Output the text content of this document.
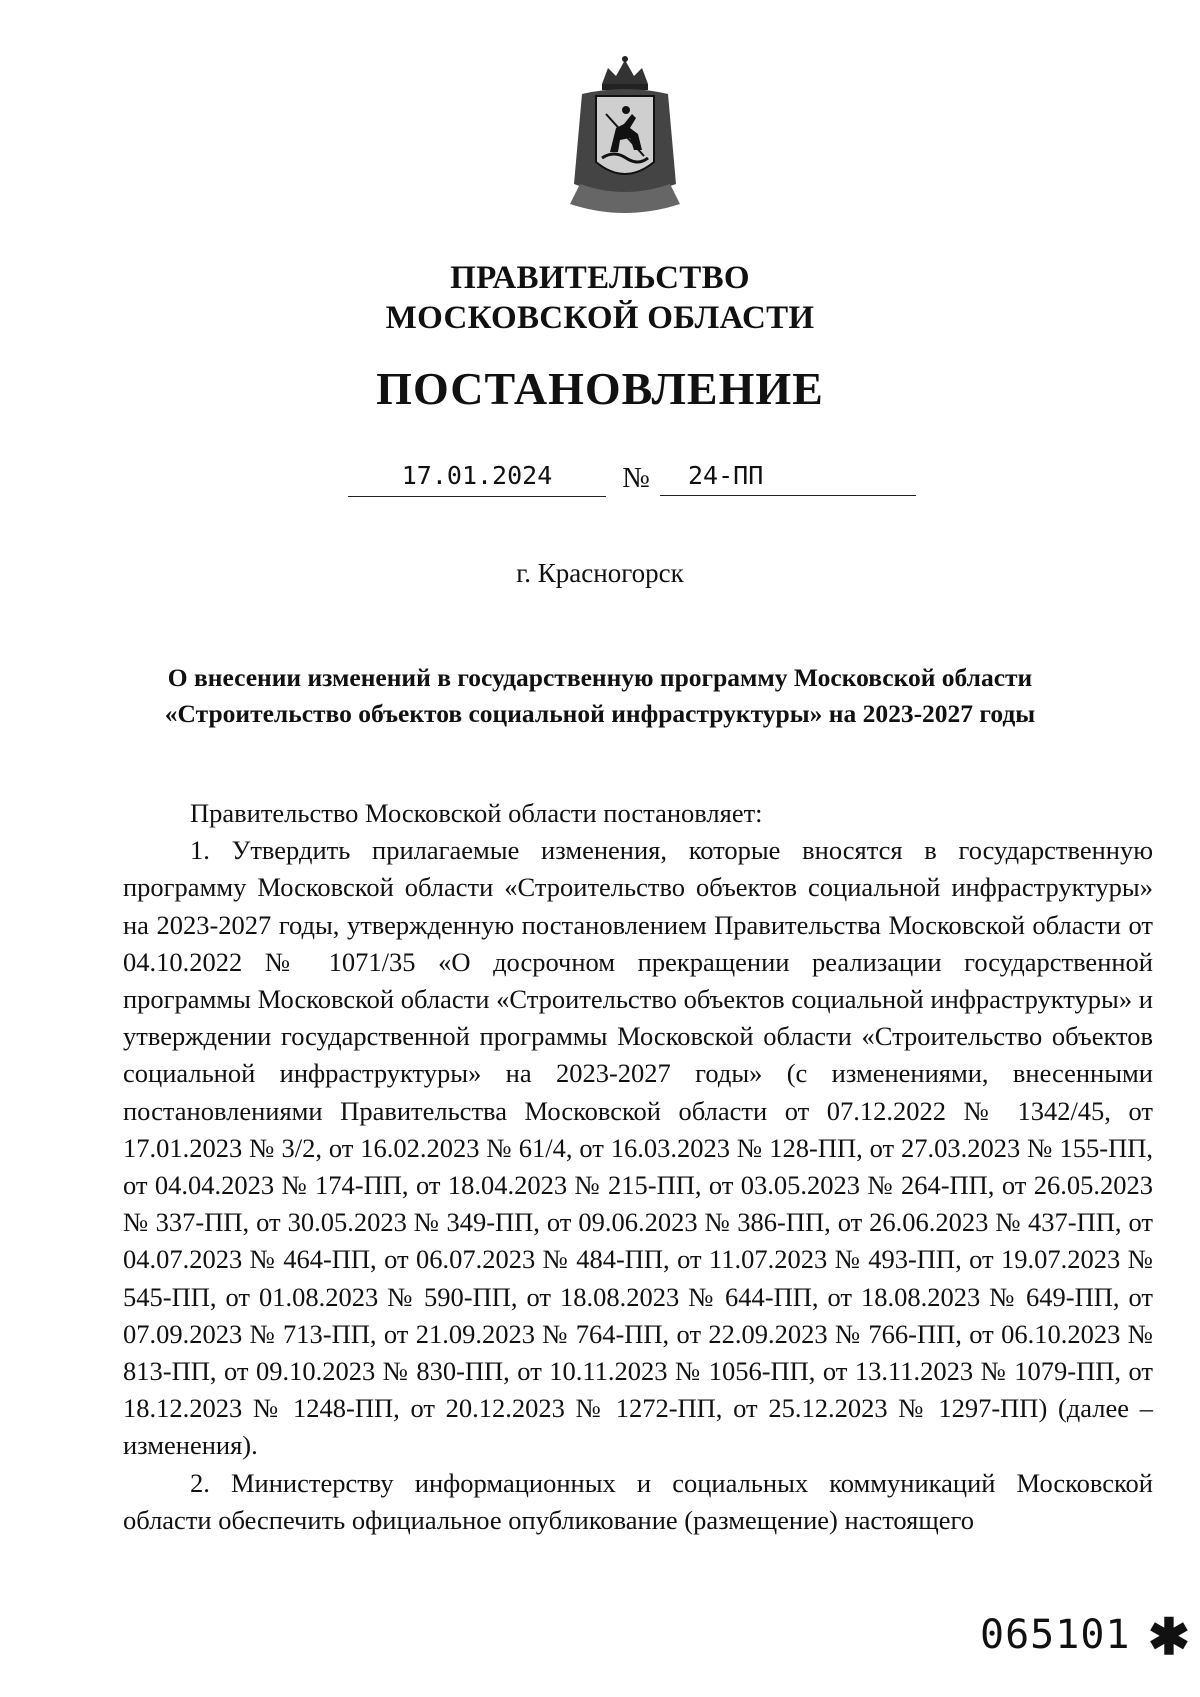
ПРАВИТЕЛЬСТВО
МОСКОВСКОЙ ОБЛАСТИ
ПОСТАНОВЛЕНИЕ
17.01.2024	№	24-ПП
г. Красногорск
О внесении изменений в государственную программу Московской области
«Строительство объектов социальной инфраструктуры» на 2023-2027 годы

Правительство Московской области постановляет:

1. Утвердить прилагаемые изменения, которые вносятся в государственную программу Московской области «Строительство объектов социальной инфраструктуры» на 2023-2027 годы, утвержденную постановлением Правительства Московской области от 04.10.2022 № 1071/35 «О досрочном прекращении реализации государственной программы Московской области «Строительство объектов социальной инфраструктуры» и утверждении государственной программы Московской области «Строительство объектов социальной инфраструктуры» на 2023-2027 годы» (с изменениями, внесенными постановлениями Правительства Московской области от 07.12.2022 № 1342/45, от 17.01.2023 № 3/2, от 16.02.2023 № 61/4, от 16.03.2023 № 128-ПП, от 27.03.2023 № 155-ПП, от 04.04.2023 № 174-ПП, от 18.04.2023 № 215-ПП, от 03.05.2023 № 264-ПП, от 26.05.2023 № 337-ПП, от 30.05.2023 № 349-ПП, от 09.06.2023 № 386-ПП, от 26.06.2023 № 437-ПП, от 04.07.2023 № 464-ПП, от 06.07.2023 № 484-ПП, от 11.07.2023 № 493-ПП, от 19.07.2023 № 545-ПП, от 01.08.2023 № 590-ПП, от 18.08.2023 № 644-ПП, от 18.08.2023 № 649-ПП, от 07.09.2023 № 713-ПП, от 21.09.2023 № 764-ПП, от 22.09.2023 № 766-ПП, от 06.10.2023 № 813-ПП, от 09.10.2023 № 830-ПП, от 10.11.2023 № 1056-ПП, от 13.11.2023 № 1079-ПП, от 18.12.2023 № 1248-ПП, от 20.12.2023 № 1272-ПП, от 25.12.2023 № 1297-ПП) (далее – изменения).

2. Министерству информационных и социальных коммуникаций Московской области обеспечить официальное опубликование (размещение) настоящего

065101 ✱
